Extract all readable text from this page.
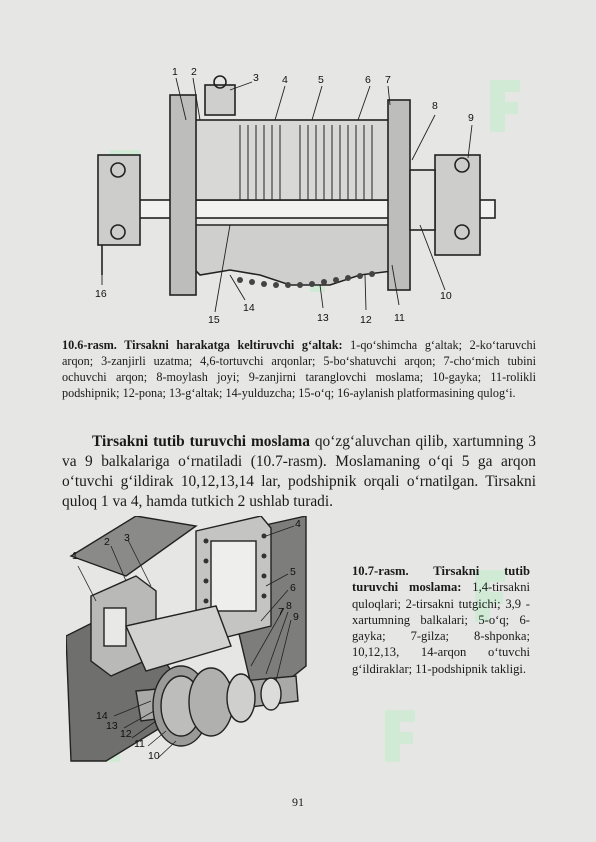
1 2	3 4	5	6 7
8
9
10
11
12
13
14
15
16
10.6-rasm. Tirsakni harakatga keltiruvchi g‘altak: 1-qo‘shimcha g‘altak; 2-ko‘taruvchi arqon; 3-zanjirli uzatma; 4,6-tortuvchi arqonlar; 5-bo‘shatuvchi arqon; 7-cho‘mich tubini ochuvchi arqon; 8-moylash joyi; 9-zanjirni taranglovchi moslama; 10-gayka; 11-rolikli podshipnik; 12-pona; 13-g‘altak; 14-yulduzcha; 15-o‘q; 16-aylanish platformasining qulog‘i.
Tirsakni tutib turuvchi moslama qo‘zg‘aluvchan qilib, xartumning 3 va 9 balkalariga o‘rnatiladi (10.7-rasm). Moslamaning o‘qi 5 ga arqon o‘tuvchi g‘ildirak 10,12,13,14 lar, podshipnik orqali o‘rnatilgan. Tirsakni quloq 1 va 4, hamda tutkich 2 ushlab turadi.
1
2 3
4
5
6
7 8
9
10
11
12
13
14
10.7-rasm. Tirsakni tutib turuvchi moslama: 1,4-tirsakni quloqlari; 2-tirsakni tutgichi; 3,9 - xartumning balkalari; 5-o‘q; 6-gayka; 7-gilza; 8-shponka; 10,12,13, 14-arqon o‘tuvchi g‘ildiraklar; 11-podshipnik takligi.
91
